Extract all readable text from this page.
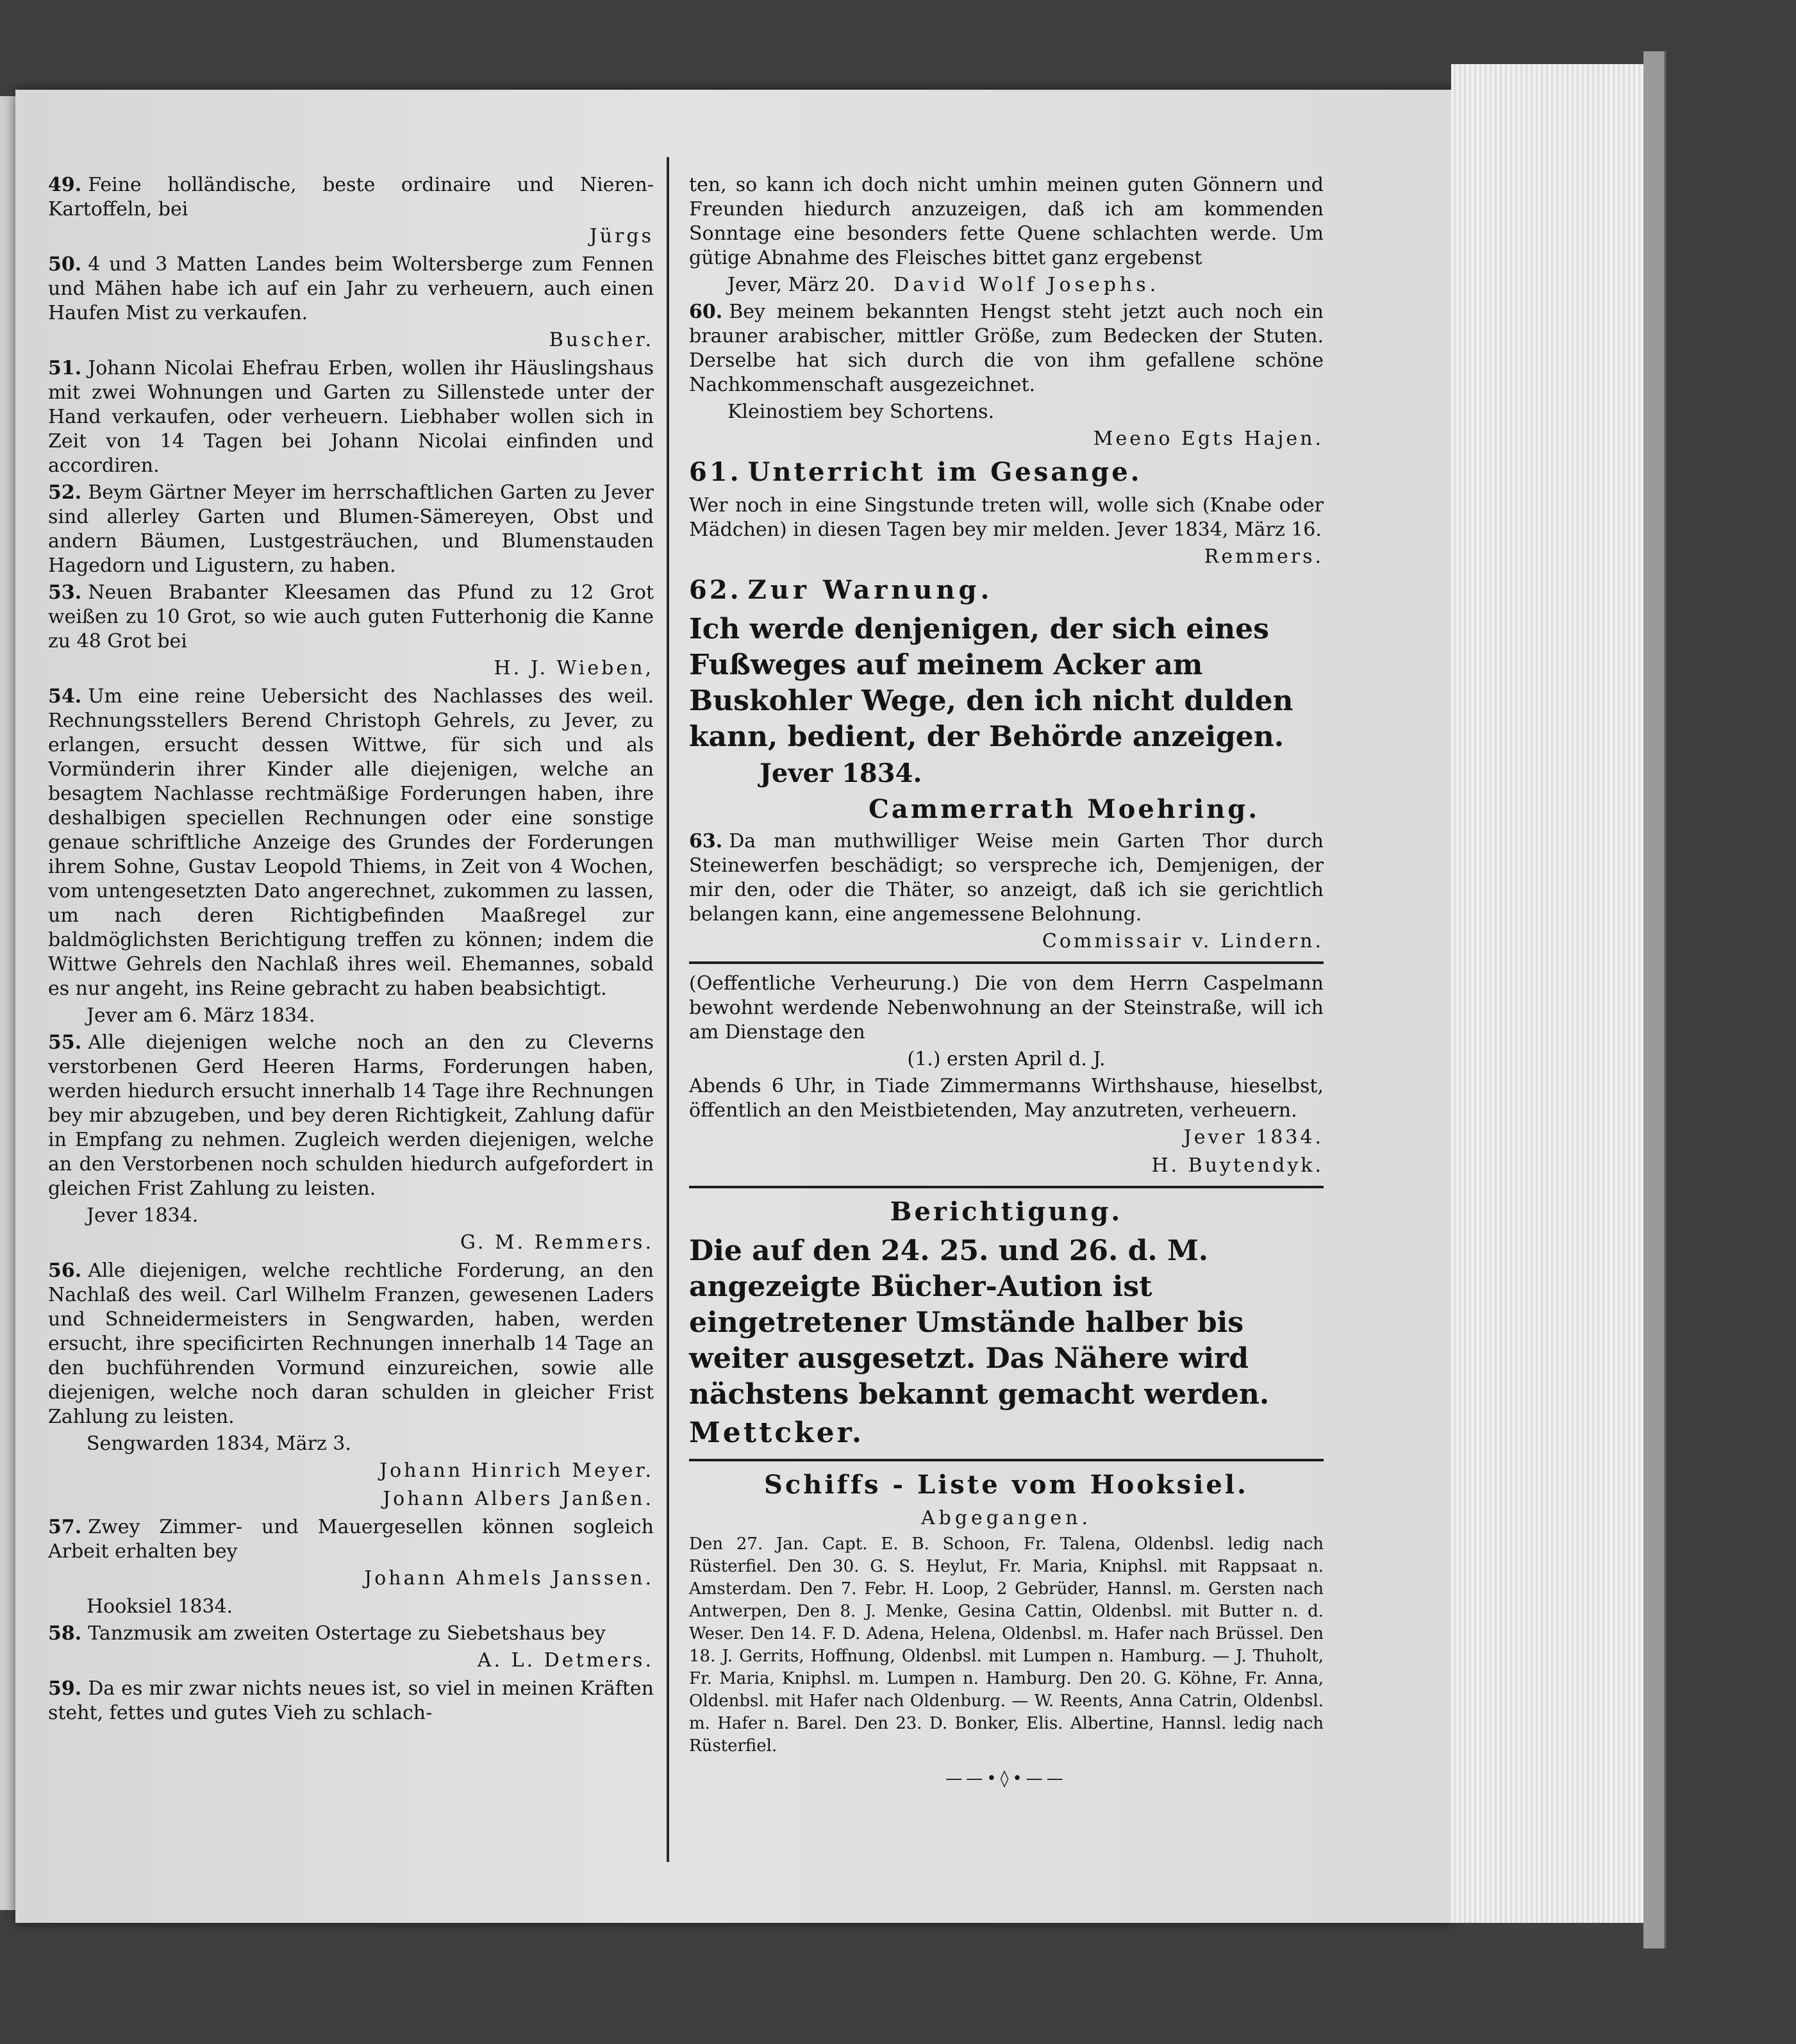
49. Feine holländische, beste ordinaire und Nieren-Kartoffeln, bei

Jürgs

50. 4 und 3 Matten Landes beim Woltersberge zum Fennen und Mähen habe ich auf ein Jahr zu verheuern, auch einen Haufen Mist zu verkaufen.

Buscher.

51. Johann Nicolai Ehefrau Erben, wollen ihr Häuslingshaus mit zwei Wohnungen und Garten zu Sillenstede unter der Hand verkaufen, oder verheuern. Liebhaber wollen sich in Zeit von 14 Tagen bei Johann Nicolai einfinden und accordiren.

52. Beym Gärtner Meyer im herrschaftlichen Garten zu Jever sind allerley Garten und Blumen-Sämereyen, Obst und andern Bäumen, Lustgesträuchen, und Blumenstauden Hagedorn und Ligustern, zu haben.

53. Neuen Brabanter Kleesamen das Pfund zu 12 Grot weißen zu 10 Grot, so wie auch guten Futterhonig die Kanne zu 48 Grot bei

H. J. Wieben,

54. Um eine reine Uebersicht des Nachlasses des weil. Rechnungsstellers Berend Christoph Gehrels, zu Jever, zu erlangen, ersucht dessen Wittwe, für sich und als Vormünderin ihrer Kinder alle diejenigen, welche an besagtem Nachlasse rechtmäßige Forderungen haben, ihre deshalbigen speciellen Rechnungen oder eine sonstige genaue schriftliche Anzeige des Grundes der Forderungen ihrem Sohne, Gustav Leopold Thiems, in Zeit von 4 Wochen, vom untengesetzten Dato angerechnet, zukommen zu lassen, um nach deren Richtigbefinden Maaßregel zur baldmöglichsten Berichtigung treffen zu können; indem die Wittwe Gehrels den Nachlaß ihres weil. Ehemannes, sobald es nur angeht, ins Reine gebracht zu haben beabsichtigt.

Jever am 6. März 1834.

55. Alle diejenigen welche noch an den zu Cleverns verstorbenen Gerd Heeren Harms, Forderungen haben, werden hiedurch ersucht innerhalb 14 Tage ihre Rechnungen bey mir abzugeben, und bey deren Richtigkeit, Zahlung dafür in Empfang zu nehmen. Zugleich werden diejenigen, welche an den Verstorbenen noch schulden hiedurch aufgefordert in gleichen Frist Zahlung zu leisten.

Jever 1834.

G. M. Remmers.

56. Alle diejenigen, welche rechtliche Forderung, an den Nachlaß des weil. Carl Wilhelm Franzen, gewesenen Laders und Schneidermeisters in Sengwarden, haben, werden ersucht, ihre specificirten Rechnungen innerhalb 14 Tage an den buchführenden Vormund einzureichen, sowie alle diejenigen, welche noch daran schulden in gleicher Frist Zahlung zu leisten.

Sengwarden 1834, März 3.

Johann Hinrich Meyer.

Johann Albers Janßen.

57. Zwey Zimmer- und Mauergesellen können sogleich Arbeit erhalten bey

Johann Ahmels Janssen.

Hooksiel 1834.

58. Tanzmusik am zweiten Ostertage zu Siebetshaus bey

A. L. Detmers.

59. Da es mir zwar nichts neues ist, so viel in meinen Kräften steht, fettes und gutes Vieh zu schlach-

ten, so kann ich doch nicht umhin meinen guten Gönnern und Freunden hiedurch anzuzeigen, daß ich am kommenden Sonntage eine besonders fette Quene schlachten werde. Um gütige Abnahme des Fleisches bittet ganz ergebenst

Jever, März 20. David Wolf Josephs.

60. Bey meinem bekannten Hengst steht jetzt auch noch ein brauner arabischer, mittler Größe, zum Bedecken der Stuten. Derselbe hat sich durch die von ihm gefallene schöne Nachkommenschaft ausgezeichnet.

Kleinostiem bey Schortens.

Meeno Egts Hajen.

61. Unterricht im Gesange.

Wer noch in eine Singstunde treten will, wolle sich (Knabe oder Mädchen) in diesen Tagen bey mir melden. Jever 1834, März 16.

Remmers.

62. Zur Warnung.

Ich werde denjenigen, der sich eines Fußweges auf meinem Acker am Buskohler Wege, den ich nicht dulden kann, bedient, der Behörde anzeigen.

Jever 1834.

Cammerrath Moehring.

63. Da man muthwilliger Weise mein Garten Thor durch Steinewerfen beschädigt; so verspreche ich, Demjenigen, der mir den, oder die Thäter, so anzeigt, daß ich sie gerichtlich belangen kann, eine angemessene Belohnung.

Commissair v. Lindern.

(Oeffentliche Verheurung.) Die von dem Herrn Caspelmann bewohnt werdende Nebenwohnung an der Steinstraße, will ich am Dienstage den

(1.) ersten April d. J.

Abends 6 Uhr, in Tiade Zimmermanns Wirthshause, hieselbst, öffentlich an den Meistbietenden, May anzutreten, verheuern.

Jever 1834.

H. Buytendyk.

Berichtigung.

Die auf den 24. 25. und 26. d. M. angezeigte Bücher-Aution ist eingetretener Umstände halber bis weiter ausgesetzt. Das Nähere wird nächstens bekannt gemacht werden.

Mettcker.

Schiffs - Liste vom Hooksiel.

Abgegangen.

Den 27. Jan. Capt. E. B. Schoon, Fr. Talena, Oldenbsl. ledig nach Rüsterfiel. Den 30. G. S. Heylut, Fr. Maria, Kniphsl. mit Rappsaat n. Amsterdam. Den 7. Febr. H. Loop, 2 Gebrüder, Hannsl. m. Gersten nach Antwerpen, Den 8. J. Menke, Gesina Cattin, Oldenbsl. mit Butter n. d. Weser. Den 14. F. D. Adena, Helena, Oldenbsl. m. Hafer nach Brüssel. Den 18. J. Gerrits, Hoffnung, Oldenbsl. mit Lumpen n. Hamburg. — J. Thuholt, Fr. Maria, Kniphsl. m. Lumpen n. Hamburg. Den 20. G. Köhne, Fr. Anna, Oldenbsl. mit Hafer nach Oldenburg. — W. Reents, Anna Catrin, Oldenbsl. m. Hafer n. Barel. Den 23. D. Bonker, Elis. Albertine, Hannsl. ledig nach Rüsterfiel.

——•◊•——
